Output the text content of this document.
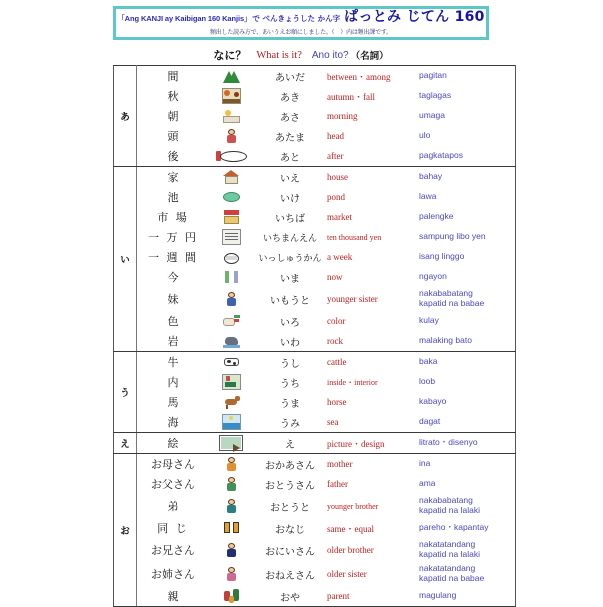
「Ang KANJI ay Kaibigan 160 Kanjis」 で べんきょうした かん字 ぱっとみ じてん 160
頻出した読み方で、あいうえお順にしました。（　）内は頻出課です。
なに？ What is it? Ano ito? （名詞）
あ	間		あいだ	between・among	pagitan
	秋		あき	autumn・fall	taglagas
	朝		あさ	morning	umaga
	頭		あたま	head	ulo
	後		あと	after	pagkatapos
い	家		いえ	house	bahay
	池		いけ	pond	lawa
	市 場		いちば	market	palengke
	一 万 円		いちまんえん	ten thousand yen	sampung libo yen
	一 週 間		いっしゅうかん	a week	isang linggo
	今		いま	now	ngayon
	妹		いもうと	younger sister	nakababatang
kapatid na babae
	色		いろ	color	kulay
	岩		いわ	rock	malaking bato
う	牛		うし	cattle	baka
	内		うち	inside・interior	loob
	馬		うま	horse	kabayo
	海		うみ	sea	dagat
え	絵		え	picture・design	litrato・disenyo
お	お母さん		おかあさん	mother	ina
	お父さん		おとうさん	father	ama
	弟		おとうと	younger brother	nakababatang
kapatid na lalaki
	同 じ		おなじ	same・equal	pareho・kapantay
	お兄さん		おにいさん	older brother	nakatatandang
kapatid na lalaki
	お姉さん		おねえさん	older sister	nakatatandang
kapatid na babae
	親		おや	parent	magulang
